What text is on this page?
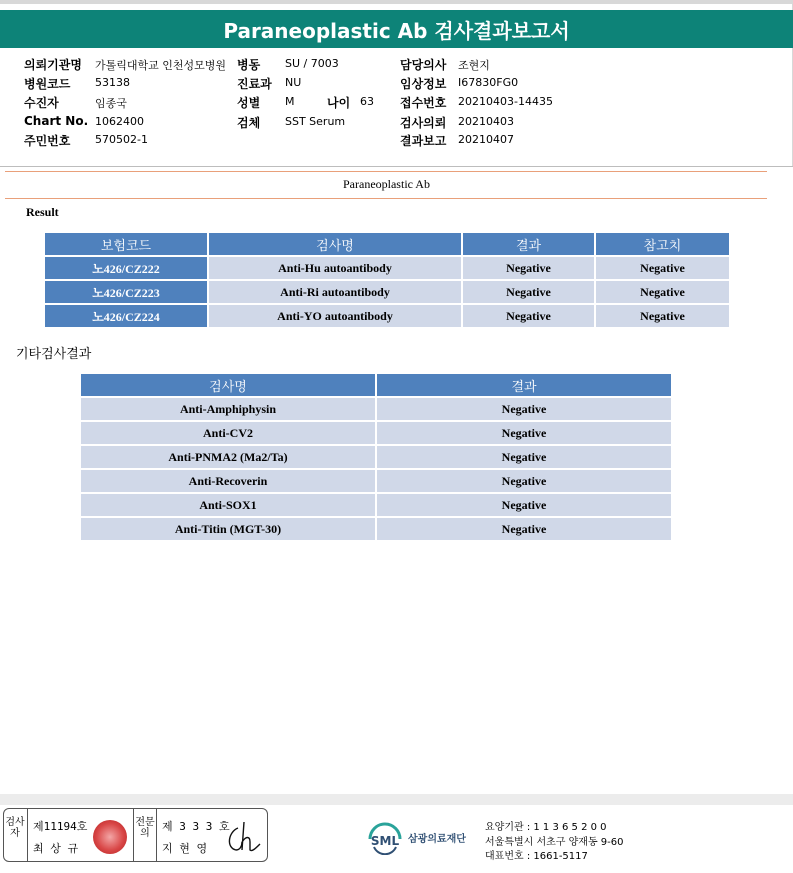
Paraneoplastic Ab 검사결과보고서
의뢰기관명 가톨릭대학교 인천성모병원
병원코드 53138
수진자	임종국
Chart No. 1062400
주민번호 570502-1
병동 SU / 7003
진료과 NU
성별 M	나이 63
검체 SST Serum
담당의사 조현지
임상정보 I67830FG0
접수번호 20210403-14435
검사의뢰 20210403
결과보고 20210407
Paraneoplastic Ab
Result
보험코드	검사명	결과	참고치
노426/CZ222	Anti-Hu autoantibody	Negative	Negative
노426/CZ223	Anti-Ri autoantibody	Negative	Negative
노426/CZ224	Anti-YO autoantibody	Negative	Negative
기타검사결과
검사명	결과
Anti-Amphiphysin	Negative
Anti-CV2	Negative
Anti-PNMA2 (Ma2/Ta)	Negative
Anti-Recoverin	Negative
Anti-SOX1	Negative
Anti-Titin (MGT-30)	Negative
검사자
제11194호
최 상 규
전문의
제 3 3 3 호
지 현 영
SML 삼광의료재단
요양기관 : 1 1 3 6 5 2 0 0
서울특별시 서초구 양재동 9-60
대표번호 : 1661-5117
